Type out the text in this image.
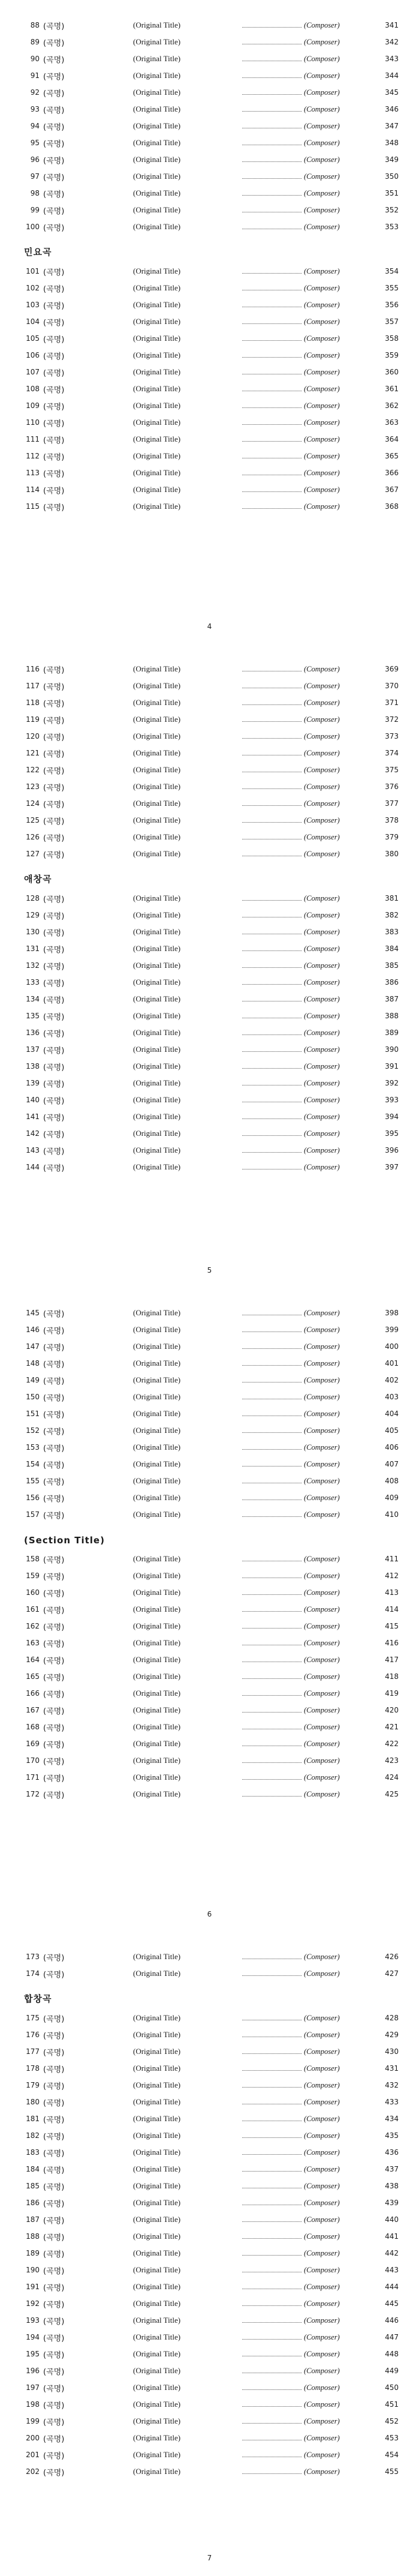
88 (곡명)	(Original Title)	(Composer)	341
89 (곡명)	(Original Title)	(Composer)	342
90 (곡명)	(Original Title)	(Composer)	343
91 (곡명)	(Original Title)	(Composer)	344
92 (곡명)	(Original Title)	(Composer)	345
93 (곡명)	(Original Title)	(Composer)	346
94 (곡명)	(Original Title)	(Composer)	347
95 (곡명)	(Original Title)	(Composer)	348
96 (곡명)	(Original Title)	(Composer)	349
97 (곡명)	(Original Title)	(Composer)	350
98 (곡명)	(Original Title)	(Composer)	351
99 (곡명)	(Original Title)	(Composer)	352
100 (곡명)	(Original Title)	(Composer)	353
민요곡
101 (곡명)	(Original Title)	(Composer)	354
102 (곡명)	(Original Title)	(Composer)	355
103 (곡명)	(Original Title)	(Composer)	356
104 (곡명)	(Original Title)	(Composer)	357
105 (곡명)	(Original Title)	(Composer)	358
106 (곡명)	(Original Title)	(Composer)	359
107 (곡명)	(Original Title)	(Composer)	360
108 (곡명)	(Original Title)	(Composer)	361
109 (곡명)	(Original Title)	(Composer)	362
110 (곡명)	(Original Title)	(Composer)	363
111 (곡명)	(Original Title)	(Composer)	364
112 (곡명)	(Original Title)	(Composer)	365
113 (곡명)	(Original Title)	(Composer)	366
114 (곡명)	(Original Title)	(Composer)	367
115 (곡명)	(Original Title)	(Composer)	368
4
116 (곡명)	(Original Title)	(Composer)	369
117 (곡명)	(Original Title)	(Composer)	370
118 (곡명)	(Original Title)	(Composer)	371
119 (곡명)	(Original Title)	(Composer)	372
120 (곡명)	(Original Title)	(Composer)	373
121 (곡명)	(Original Title)	(Composer)	374
122 (곡명)	(Original Title)	(Composer)	375
123 (곡명)	(Original Title)	(Composer)	376
124 (곡명)	(Original Title)	(Composer)	377
125 (곡명)	(Original Title)	(Composer)	378
126 (곡명)	(Original Title)	(Composer)	379
127 (곡명)	(Original Title)	(Composer)	380
애창곡
128 (곡명)	(Original Title)	(Composer)	381
129 (곡명)	(Original Title)	(Composer)	382
130 (곡명)	(Original Title)	(Composer)	383
131 (곡명)	(Original Title)	(Composer)	384
132 (곡명)	(Original Title)	(Composer)	385
133 (곡명)	(Original Title)	(Composer)	386
134 (곡명)	(Original Title)	(Composer)	387
135 (곡명)	(Original Title)	(Composer)	388
136 (곡명)	(Original Title)	(Composer)	389
137 (곡명)	(Original Title)	(Composer)	390
138 (곡명)	(Original Title)	(Composer)	391
139 (곡명)	(Original Title)	(Composer)	392
140 (곡명)	(Original Title)	(Composer)	393
141 (곡명)	(Original Title)	(Composer)	394
142 (곡명)	(Original Title)	(Composer)	395
143 (곡명)	(Original Title)	(Composer)	396
144 (곡명)	(Original Title)	(Composer)	397
5
145 (곡명)	(Original Title)	(Composer)	398
146 (곡명)	(Original Title)	(Composer)	399
147 (곡명)	(Original Title)	(Composer)	400
148 (곡명)	(Original Title)	(Composer)	401
149 (곡명)	(Original Title)	(Composer)	402
150 (곡명)	(Original Title)	(Composer)	403
151 (곡명)	(Original Title)	(Composer)	404
152 (곡명)	(Original Title)	(Composer)	405
153 (곡명)	(Original Title)	(Composer)	406
154 (곡명)	(Original Title)	(Composer)	407
155 (곡명)	(Original Title)	(Composer)	408
156 (곡명)	(Original Title)	(Composer)	409
157 (곡명)	(Original Title)	(Composer)	410
(Section Title)
158 (곡명)	(Original Title)	(Composer)	411
159 (곡명)	(Original Title)	(Composer)	412
160 (곡명)	(Original Title)	(Composer)	413
161 (곡명)	(Original Title)	(Composer)	414
162 (곡명)	(Original Title)	(Composer)	415
163 (곡명)	(Original Title)	(Composer)	416
164 (곡명)	(Original Title)	(Composer)	417
165 (곡명)	(Original Title)	(Composer)	418
166 (곡명)	(Original Title)	(Composer)	419
167 (곡명)	(Original Title)	(Composer)	420
168 (곡명)	(Original Title)	(Composer)	421
169 (곡명)	(Original Title)	(Composer)	422
170 (곡명)	(Original Title)	(Composer)	423
171 (곡명)	(Original Title)	(Composer)	424
172 (곡명)	(Original Title)	(Composer)	425
6
173 (곡명)	(Original Title)	(Composer)	426
174 (곡명)	(Original Title)	(Composer)	427
합창곡
175 (곡명)	(Original Title)	(Composer)	428
176 (곡명)	(Original Title)	(Composer)	429
177 (곡명)	(Original Title)	(Composer)	430
178 (곡명)	(Original Title)	(Composer)	431
179 (곡명)	(Original Title)	(Composer)	432
180 (곡명)	(Original Title)	(Composer)	433
181 (곡명)	(Original Title)	(Composer)	434
182 (곡명)	(Original Title)	(Composer)	435
183 (곡명)	(Original Title)	(Composer)	436
184 (곡명)	(Original Title)	(Composer)	437
185 (곡명)	(Original Title)	(Composer)	438
186 (곡명)	(Original Title)	(Composer)	439
187 (곡명)	(Original Title)	(Composer)	440
188 (곡명)	(Original Title)	(Composer)	441
189 (곡명)	(Original Title)	(Composer)	442
190 (곡명)	(Original Title)	(Composer)	443
191 (곡명)	(Original Title)	(Composer)	444
192 (곡명)	(Original Title)	(Composer)	445
193 (곡명)	(Original Title)	(Composer)	446
194 (곡명)	(Original Title)	(Composer)	447
195 (곡명)	(Original Title)	(Composer)	448
196 (곡명)	(Original Title)	(Composer)	449
197 (곡명)	(Original Title)	(Composer)	450
198 (곡명)	(Original Title)	(Composer)	451
199 (곡명)	(Original Title)	(Composer)	452
200 (곡명)	(Original Title)	(Composer)	453
201 (곡명)	(Original Title)	(Composer)	454
202 (곡명)	(Original Title)	(Composer)	455
7
